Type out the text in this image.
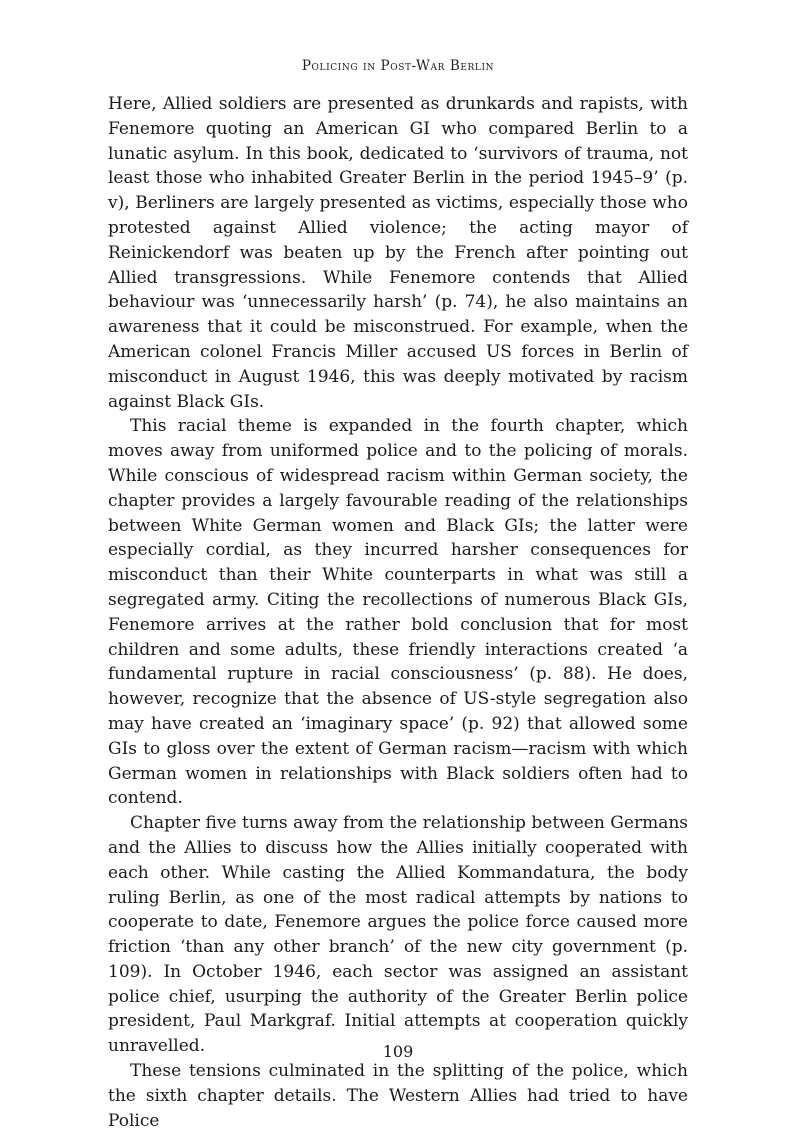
Policing in Post-War Berlin

Here, Allied soldiers are presented as drunkards and rapists, with Fenemore quoting an American GI who compared Berlin to a lunatic asylum. In this book, dedicated to ‘survivors of trauma, not least those who inhabited Greater Berlin in the period 1945–9’ (p. v), Berliners are largely presented as victims, especially those who protested against Allied violence; the acting mayor of Reinickendorf was beaten up by the French after pointing out Allied transgressions. While Fenemore contends that Allied behaviour was ‘unnecessarily harsh’ (p. 74), he also maintains an awareness that it could be misconstrued. For example, when the American colonel Francis Miller accused US forces in Berlin of misconduct in August 1946, this was deeply motivated by racism against Black GIs.

This racial theme is expanded in the fourth chapter, which moves away from uniformed police and to the policing of morals. While conscious of widespread racism within German society, the chapter provides a largely favourable reading of the relationships between White German women and Black GIs; the latter were especially cordial, as they incurred harsher consequences for misconduct than their White counterparts in what was still a segregated army. Citing the recollections of numerous Black GIs, Fenemore arrives at the rather bold conclusion that for most children and some adults, these friendly interactions created ‘a fundamental rupture in racial consciousness’ (p. 88). He does, however, recognize that the absence of US-style segregation also may have created an ‘imaginary space’ (p. 92) that allowed some GIs to gloss over the extent of German racism—racism with which German women in relationships with Black soldiers often had to contend.

Chapter five turns away from the relationship between Germans and the Allies to discuss how the Allies initially cooperated with each other. While casting the Allied Kommandatura, the body ruling Berlin, as one of the most radical attempts by nations to cooperate to date, Fenemore argues the police force caused more friction ‘than any other branch’ of the new city government (p. 109). In October 1946, each sector was assigned an assistant police chief, usurping the authority of the Greater Berlin police president, Paul Markgraf. Initial attempts at cooperation quickly unravelled.

These tensions culminated in the splitting of the police, which the sixth chapter details. The Western Allies had tried to have Police

109
